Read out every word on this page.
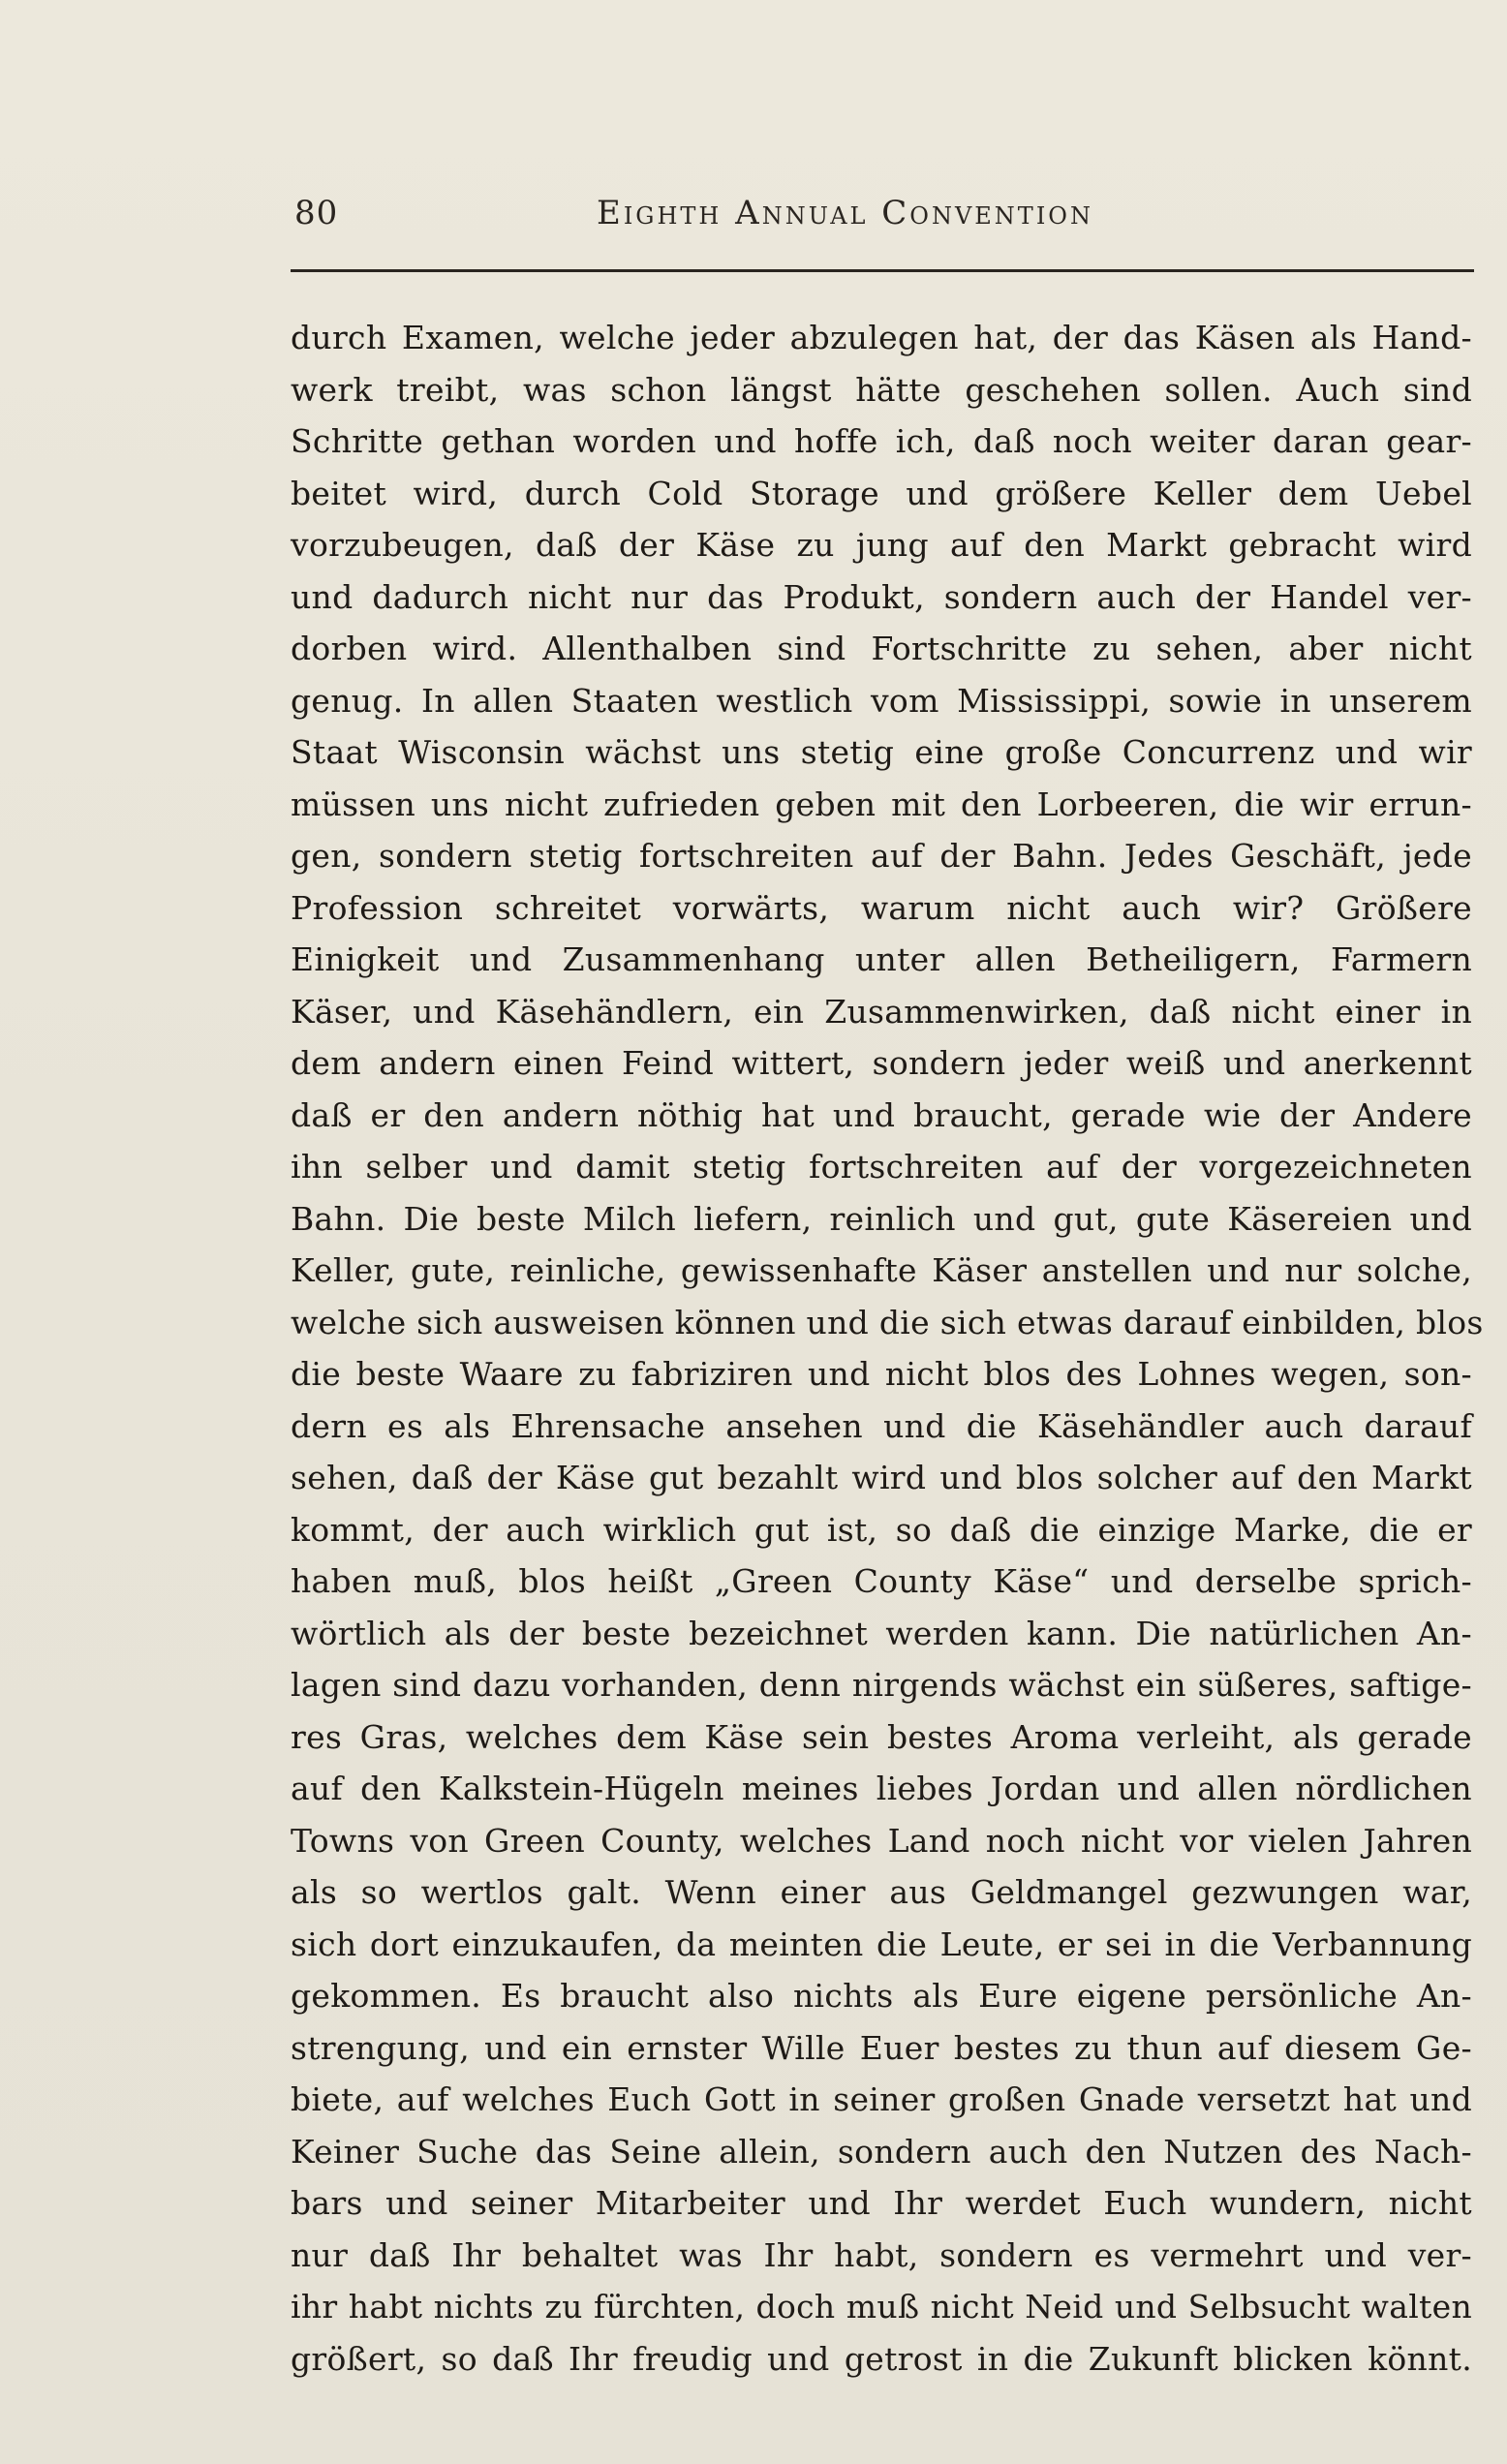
80	Eighth Annual Convention
durch Examen, welche jeder abzulegen hat, der das Käsen als Hand-
werk treibt, was schon längst hätte geschehen sollen. Auch sind
Schritte gethan worden und hoffe ich, daß noch weiter daran gear-
beitet wird, durch Cold Storage und größere Keller dem Uebel
vorzubeugen, daß der Käse zu jung auf den Markt gebracht wird
und dadurch nicht nur das Produkt, sondern auch der Handel ver-
dorben wird. Allenthalben sind Fortschritte zu sehen, aber nicht
genug. In allen Staaten westlich vom Mississippi, sowie in unserem
Staat Wisconsin wächst uns stetig eine große Concurrenz und wir
müssen uns nicht zufrieden geben mit den Lorbeeren, die wir errun-
gen, sondern stetig fortschreiten auf der Bahn. Jedes Geschäft, jede
Profession schreitet vorwärts, warum nicht auch wir? Größere
Einigkeit und Zusammenhang unter allen Betheiligern, Farmern
Käser, und Käsehändlern, ein Zusammenwirken, daß nicht einer in
dem andern einen Feind wittert, sondern jeder weiß und anerkennt
daß er den andern nöthig hat und braucht, gerade wie der Andere
ihn selber und damit stetig fortschreiten auf der vorgezeichneten
Bahn. Die beste Milch liefern, reinlich und gut, gute Käsereien und
Keller, gute, reinliche, gewissenhafte Käser anstellen und nur solche,
welche sich ausweisen können und die sich etwas darauf einbilden, blos
die beste Waare zu fabriziren und nicht blos des Lohnes wegen, son-
dern es als Ehrensache ansehen und die Käsehändler auch darauf
sehen, daß der Käse gut bezahlt wird und blos solcher auf den Markt
kommt, der auch wirklich gut ist, so daß die einzige Marke, die er
haben muß, blos heißt „Green County Käse“ und derselbe sprich-
wörtlich als der beste bezeichnet werden kann. Die natürlichen An-
lagen sind dazu vorhanden, denn nirgends wächst ein süßeres, saftige-
res Gras, welches dem Käse sein bestes Aroma verleiht, als gerade
auf den Kalkstein-Hügeln meines liebes Jordan und allen nördlichen
Towns von Green County, welches Land noch nicht vor vielen Jahren
als so wertlos galt. Wenn einer aus Geldmangel gezwungen war,
sich dort einzukaufen, da meinten die Leute, er sei in die Verbannung
gekommen. Es braucht also nichts als Eure eigene persönliche An-
strengung, und ein ernster Wille Euer bestes zu thun auf diesem Ge-
biete, auf welches Euch Gott in seiner großen Gnade versetzt hat und
Keiner Suche das Seine allein, sondern auch den Nutzen des Nach-
bars und seiner Mitarbeiter und Ihr werdet Euch wundern, nicht
nur daß Ihr behaltet was Ihr habt, sondern es vermehrt und ver-
ihr habt nichts zu fürchten, doch muß nicht Neid und Selbsucht walten
größert, so daß Ihr freudig und getrost in die Zukunft blicken könnt.
